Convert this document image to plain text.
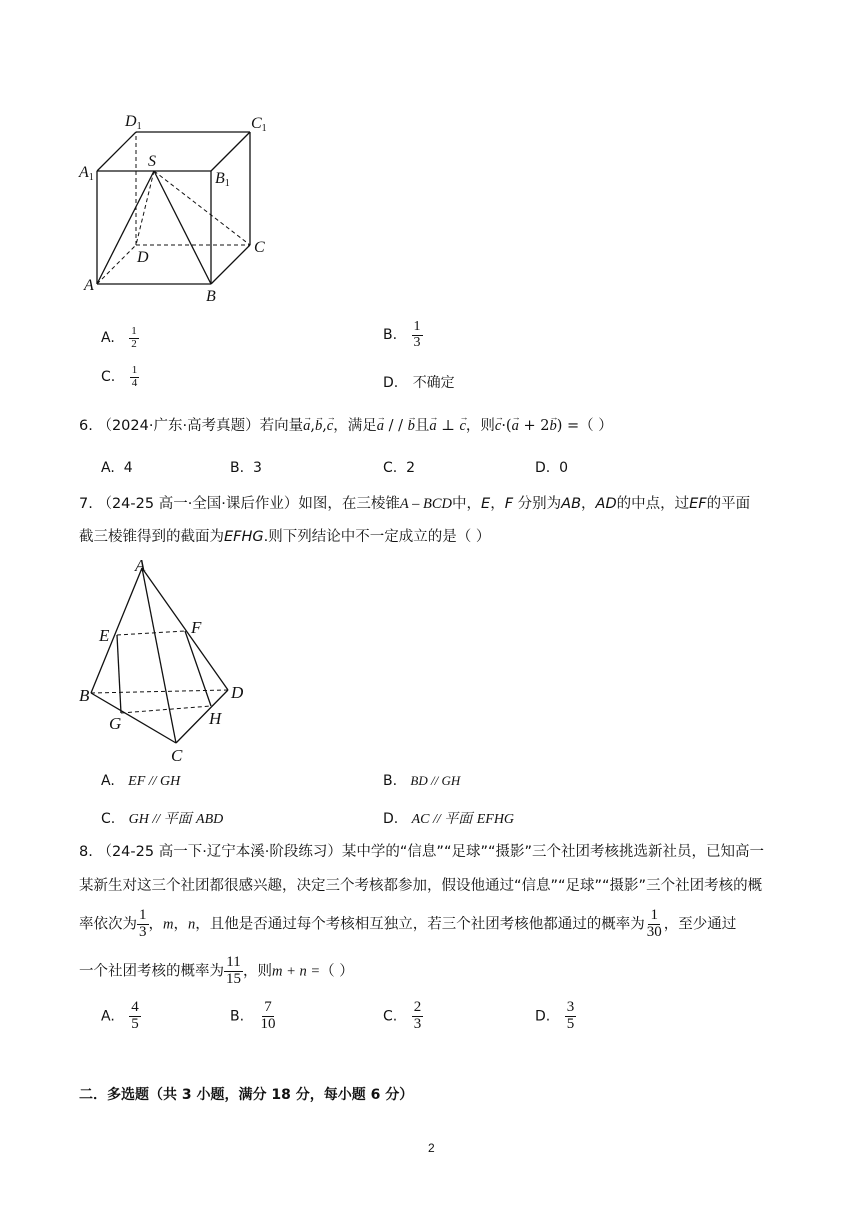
D1	C1
A1
S
B1
D
C
A
B
A. $\frac{1}{2}$	B. $\frac{1}{3}$
C. $\frac{1}{4}$	D. 不确定
6. （2024·广东·高考真题）若向量→ a,→ b,→ c，满足→ a / / → b且→ a ⊥ → c，则→ c·(→ a + 2→ b) =（ ）
A. 4	B. 3	C. 2	D. 0
7. （24-25 高一·全国·课后作业）如图，在三棱锥A – BCD中，E，F 分别为AB，AD的中点，过EF的平面
截三棱锥得到的截面为EFHG.则下列结论中不一定成立的是（ ）
A
E	F
B	D
G	H
C
A. EF // GH	B. BD // GH
C. GH // 平面 ABD	D. AC // 平面 EFHG
8. （24-25 高一下·辽宁本溪·阶段练习）某中学的“信息”“足球”“摄影”三个社团考核挑选新社员，已知高一
某新生对这三个社团都很感兴趣，决定三个考核都参加，假设他通过“信息”“足球”“摄影”三个社团考核的概
率依次为 $\frac{1}{3}$ ，m，n，且他是否通过每个考核相互独立，若三个社团考核他都通过的概率为 $\frac{1}{30}$ ，至少通过
一个社团考核的概率为 $\frac{11}{15}$ ，则m + n =（ ）
A. $\frac{4}{5}$	B. $\frac{7}{10}$	C. $\frac{2}{3}$	D. $\frac{3}{5}$
二．多选题（共 3 小题，满分 18 分，每小题 6 分）
2
